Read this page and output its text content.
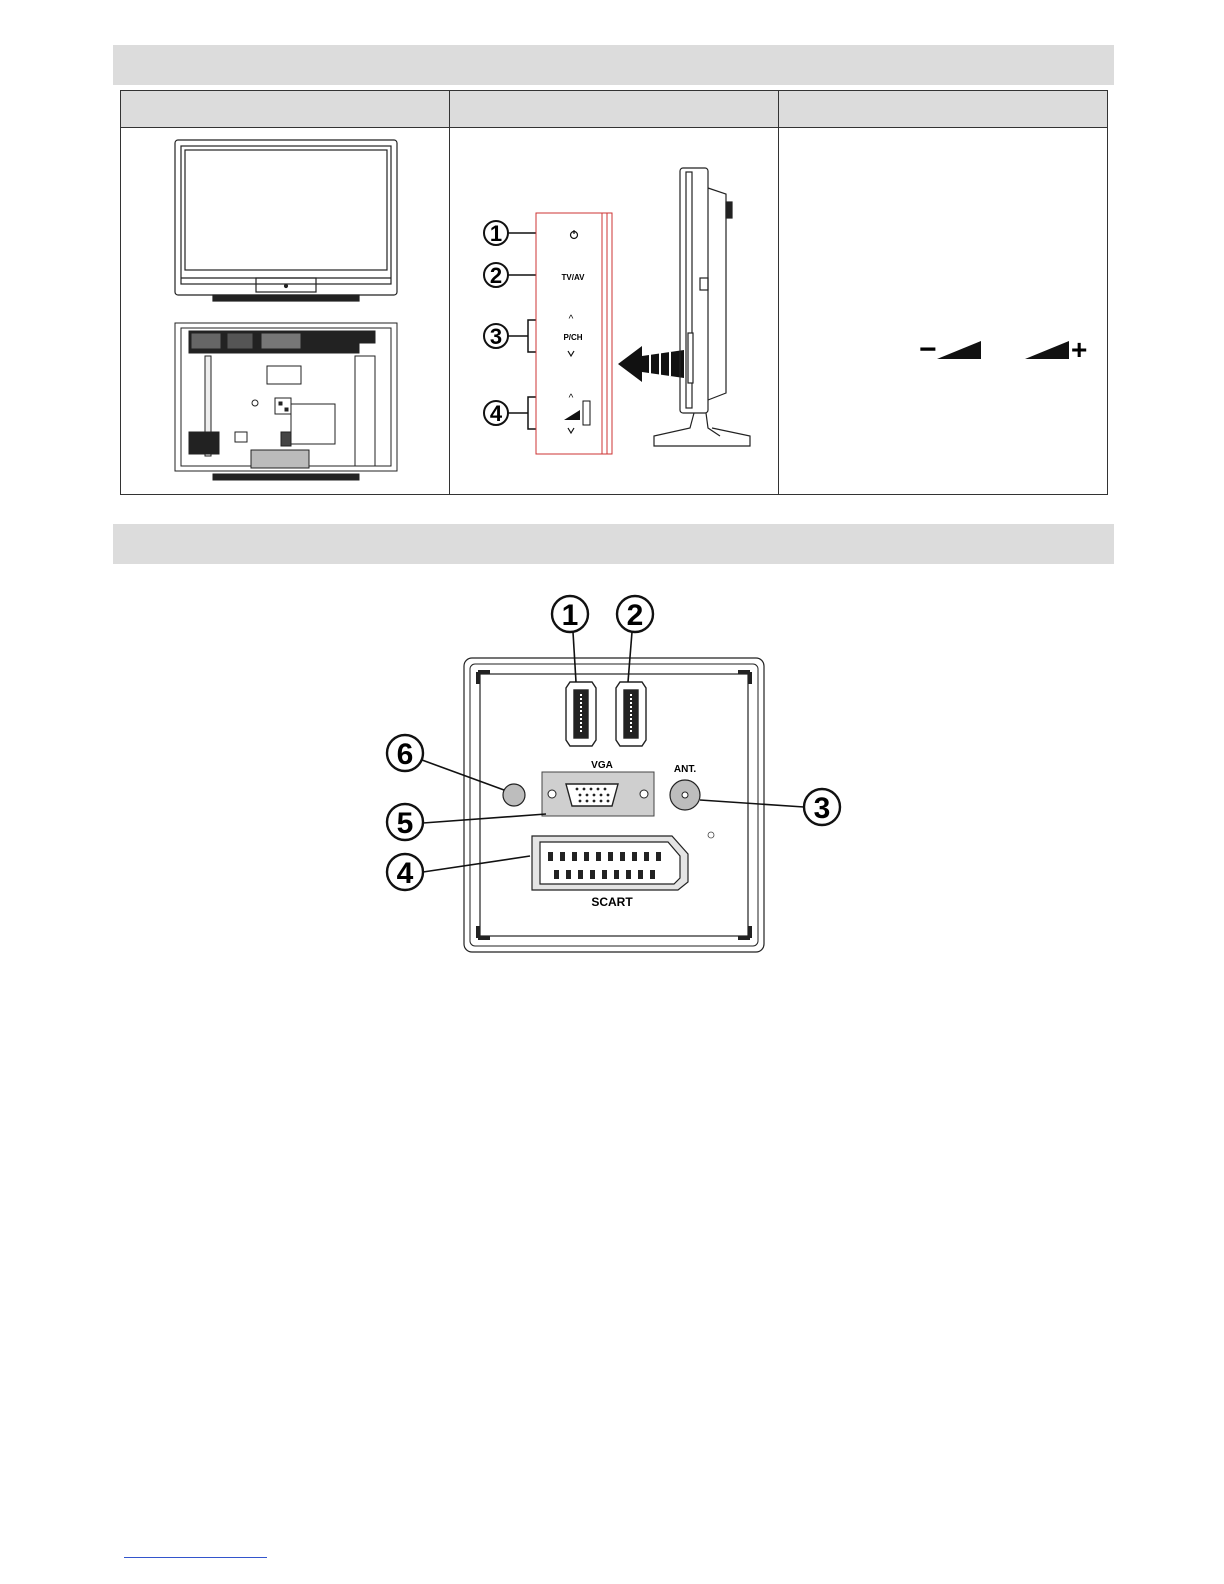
1
2
3
4
TV/AV
^
P/CH
^
−	+
1 2
VGA
6
5
ANT.
3
SCART
4
